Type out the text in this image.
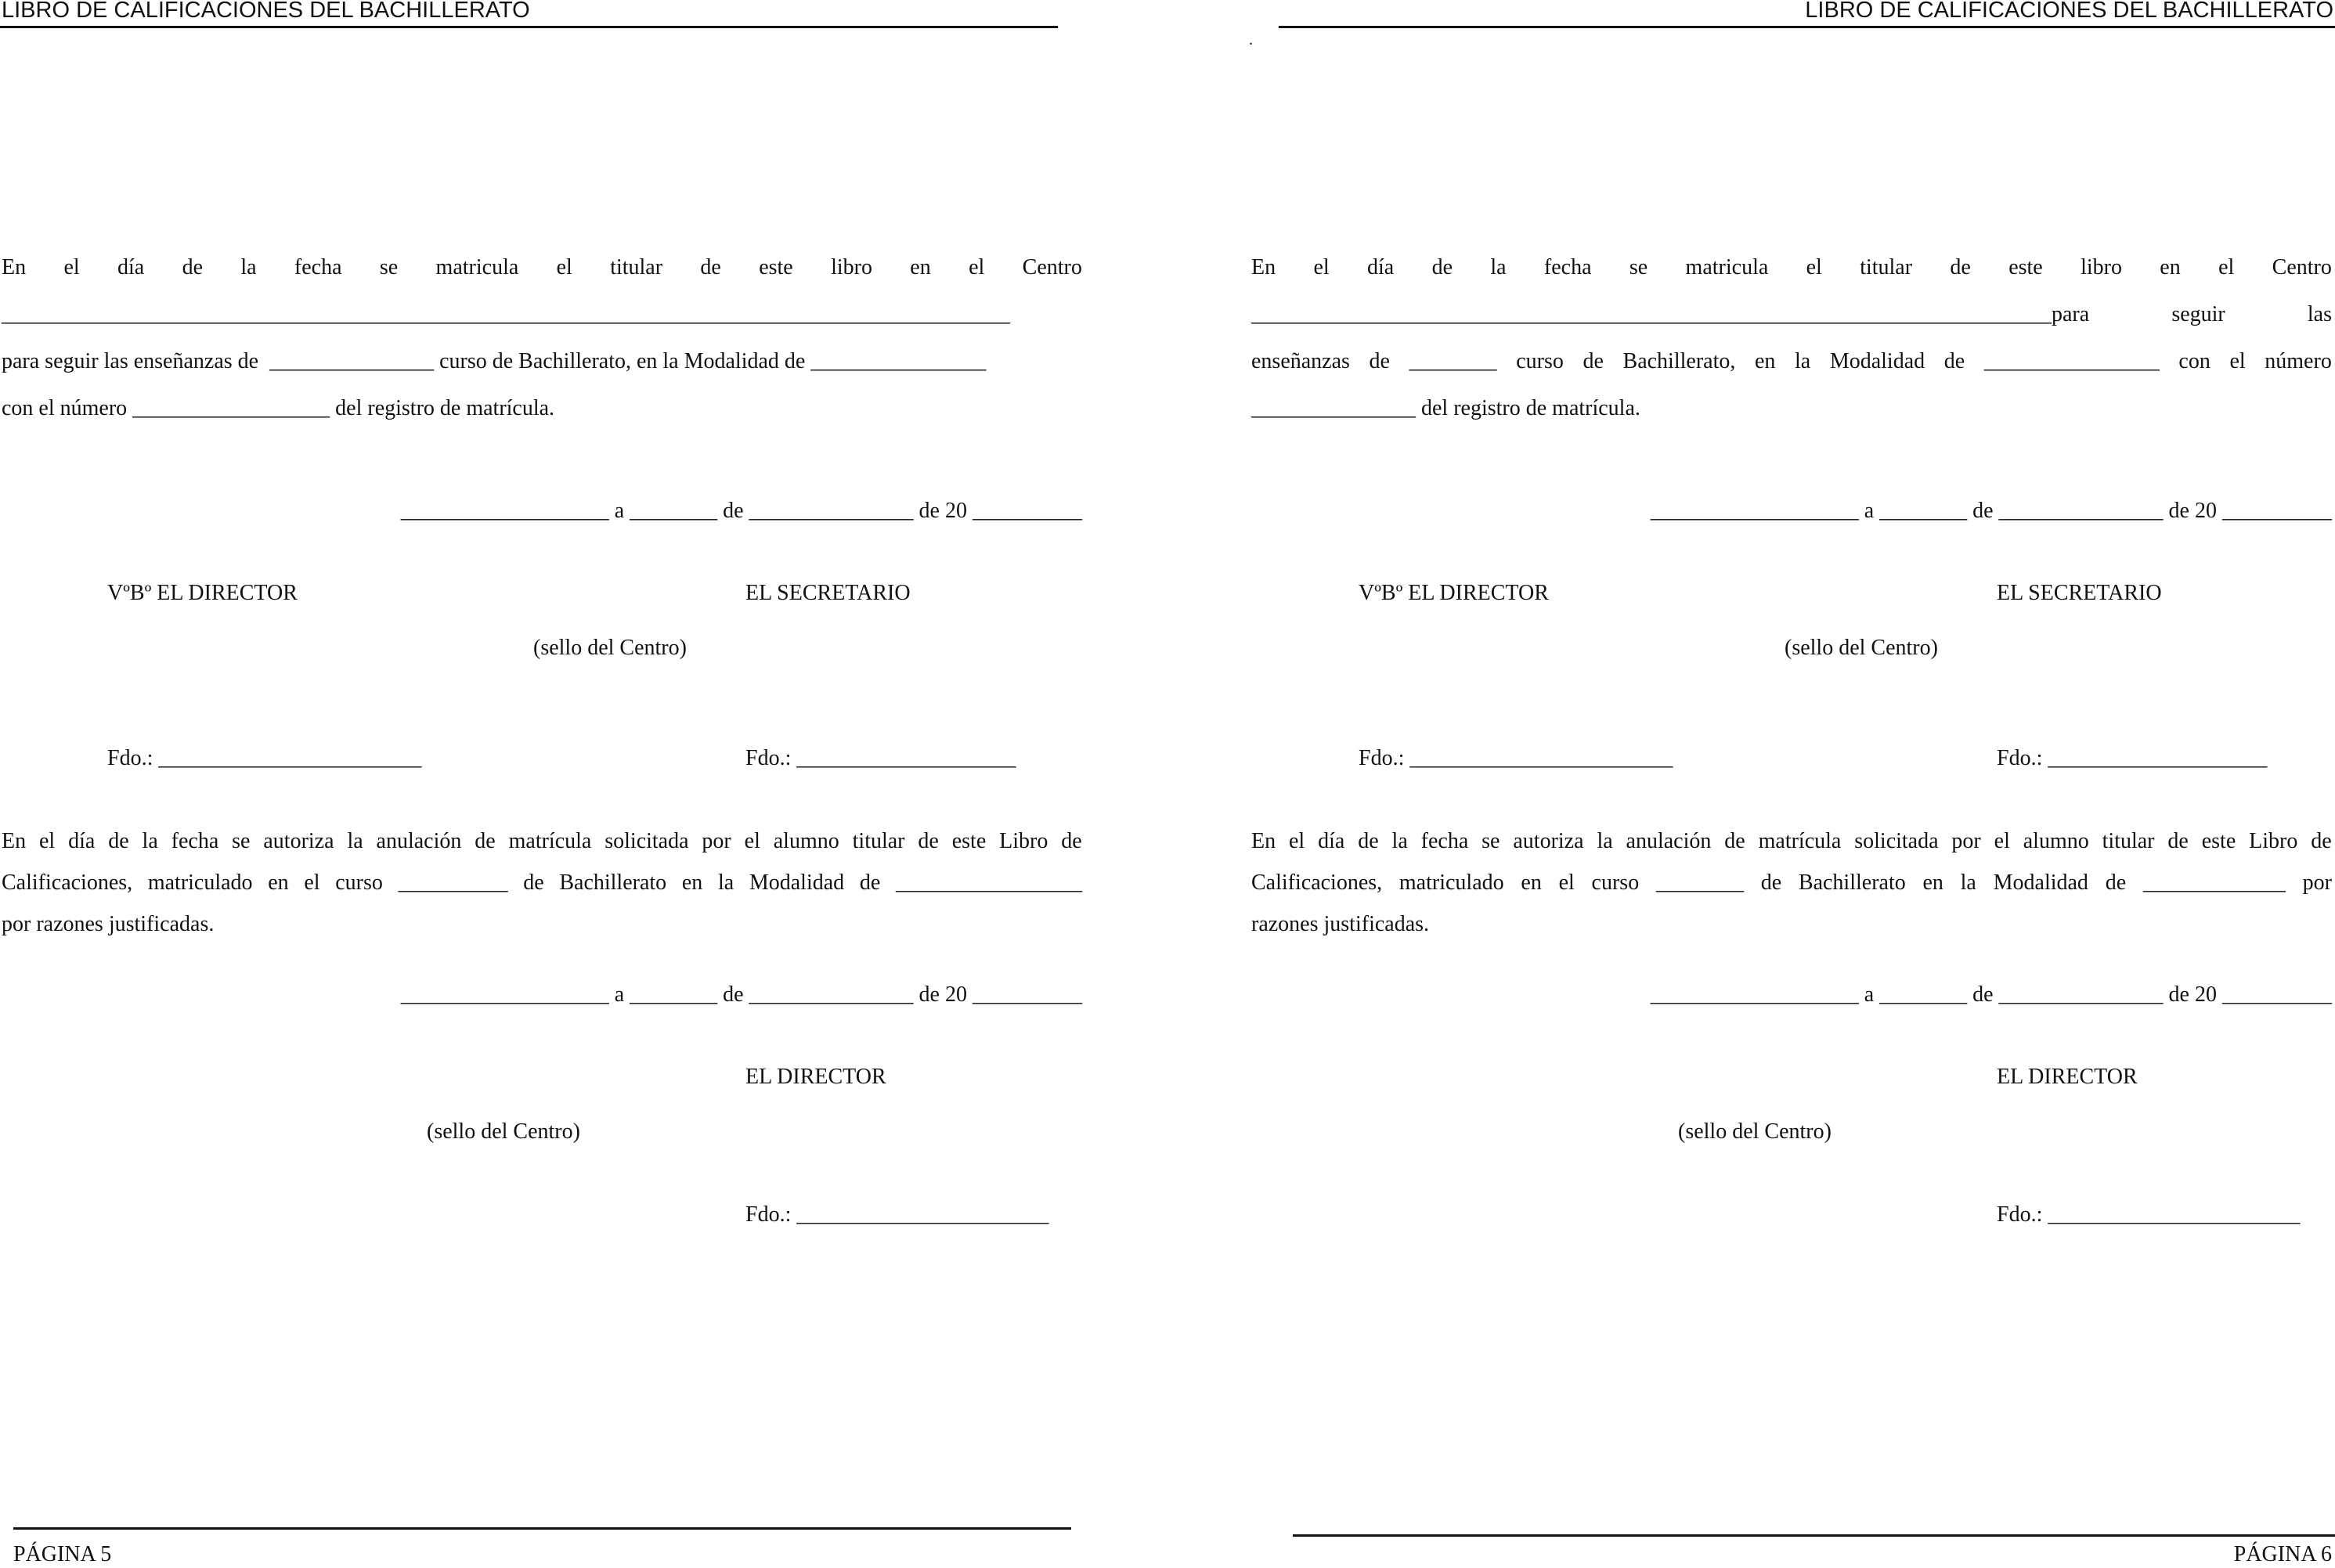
LIBRO DE CALIFICACIONES DEL BACHILLERATO
En el día de la fecha se matricula el titular de este libro en el Centro
____________________________________________________________________________________________
para seguir las enseñanzas de  _______________ curso de Bachillerato, en la Modalidad de ________________
con el número __________________ del registro de matrícula.
___________________ a ________ de _______________ de 20 __________
VºBº EL DIRECTOR	EL SECRETARIO
(sello del Centro)
Fdo.: ________________________	Fdo.: ____________________
En el día de la fecha se autoriza la anulación de matrícula solicitada por el alumno titular de este Libro de
Calificaciones, matriculado en el curso __________ de Bachillerato en la Modalidad de _________________
por razones justificadas.
___________________ a ________ de _______________ de 20 __________
EL DIRECTOR
(sello del Centro)
Fdo.: _______________________
PÁGINA 5
LIBRO DE CALIFICACIONES DEL BACHILLERATO
.
En el día de la fecha se matricula el titular de este libro en el Centro
_________________________________________________________________________para	seguir	las
enseñanzas de ________ curso de Bachillerato, en la Modalidad de ________________ con el número
_______________ del registro de matrícula.
___________________ a ________ de _______________ de 20 __________
VºBº EL DIRECTOR	EL SECRETARIO
(sello del Centro)
Fdo.: ________________________	Fdo.: ____________________
En el día de la fecha se autoriza la anulación de matrícula solicitada por el alumno titular de este Libro de
Calificaciones, matriculado en el curso ________ de Bachillerato en la Modalidad de _____________ por
razones justificadas.
___________________ a ________ de _______________ de 20 __________
EL DIRECTOR
(sello del Centro)
Fdo.: _______________________
PÁGINA 6
